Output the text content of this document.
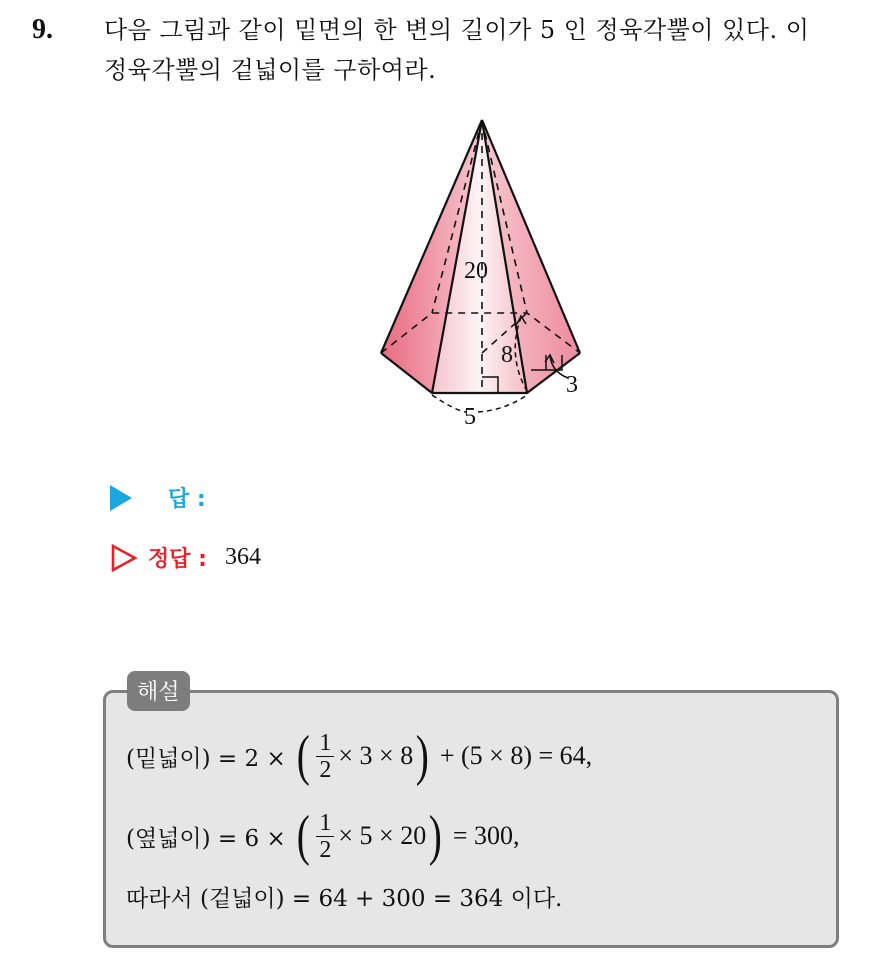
9. 다음 그림과 같이 밑면의 한 변의 길이가 5 인 정육각뿔이 있다. 이
정육각뿔의 겉넓이를 구하여라.
20
8
3
5
답 :
정답 : 364
해설
(밑넓이) = 2 × ( $\frac{1}{2} \times 3 \times 8$ ) + (5 × 8) = 64,
(옆넓이) = 6 × ( $\frac{1}{2} \times 5 \times 20$ ) = 300,
따라서 (겉넓이) = 64 + 300 = 364 이다.
